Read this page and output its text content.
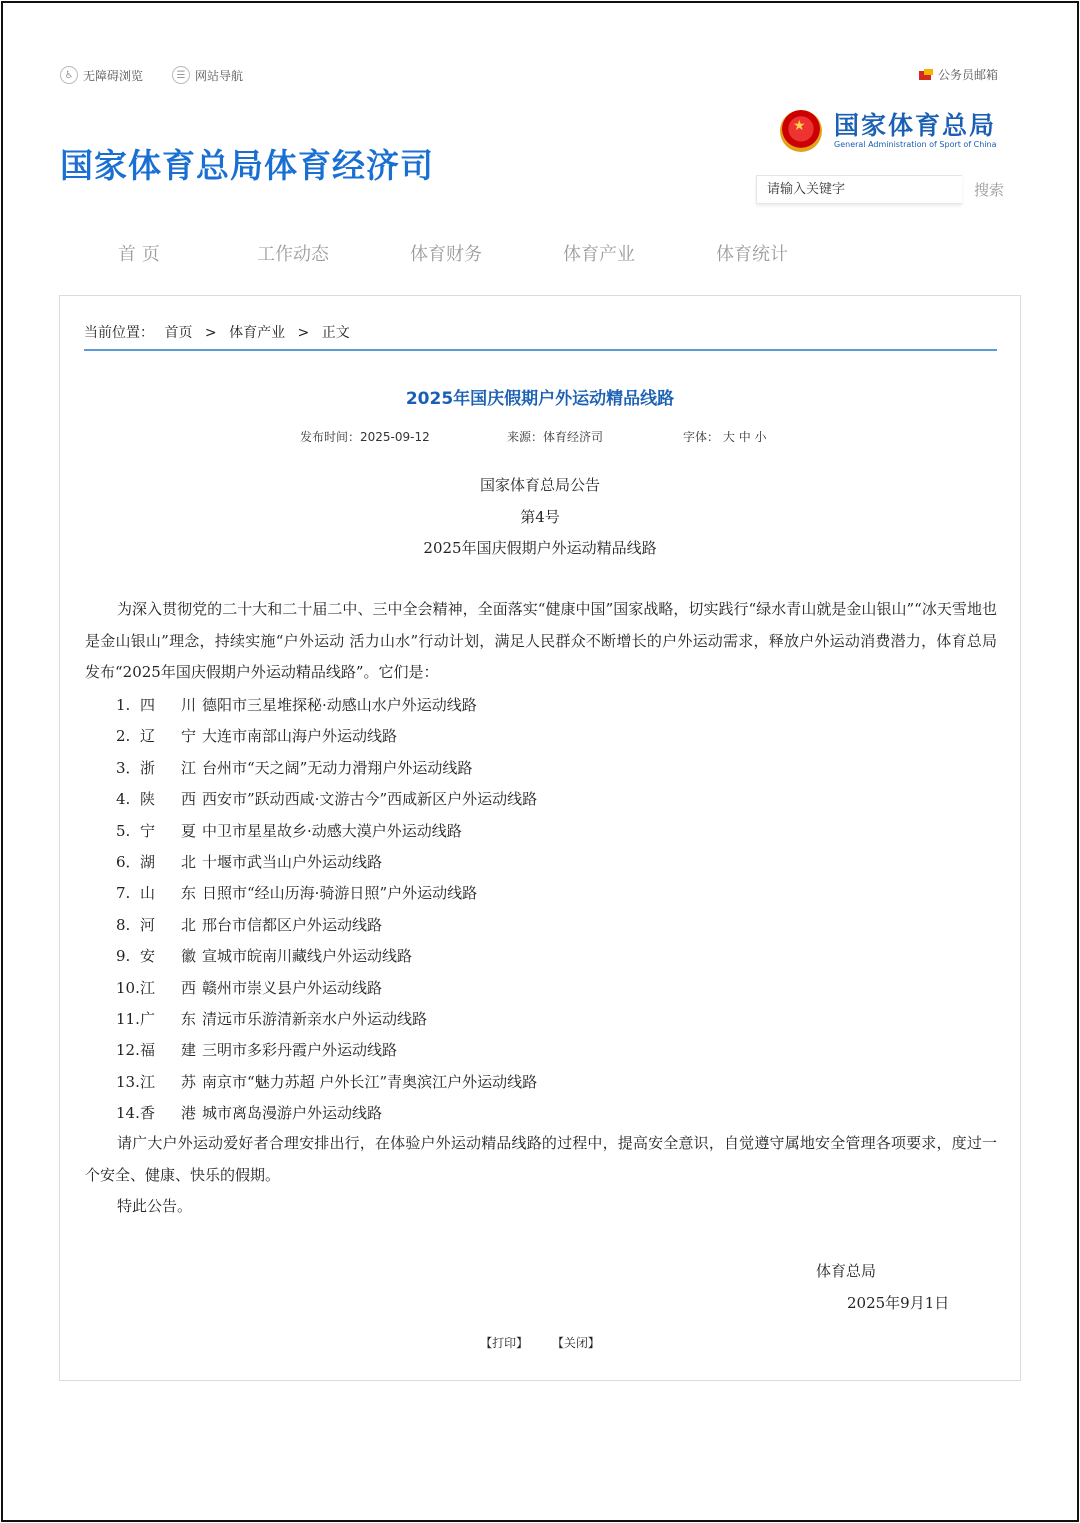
♿ 无障碍浏览	☰ 网站导航	公务员邮箱
国家体育总局体育经济司
★
国家体育总局
General Administration of Sport of China
请输入关键字
搜索
首 页	工作动态	体育财务	体育产业	体育统计
当前位置： 首页 > 体育产业 > 正文
2025年国庆假期户外运动精品线路
发布时间：2025-09-12	来源：体育经济司	字体： 大 中 小
国家体育总局公告
第4号
2025年国庆假期户外运动精品线路

为深入贯彻党的二十大和二十届二中、三中全会精神，全面落实“健康中国”国家战略，切实践行“绿水青山就是金山银山”“冰天雪地也是金山银山”理念，持续实施“户外运动 活力山水”行动计划，满足人民群众不断增长的户外运动需求，释放户外运动消费潜力，体育总局发布“2025年国庆假期户外运动精品线路”。它们是：

1. 四川德阳市三星堆探秘·动感山水户外运动线路
2. 辽宁大连市南部山海户外运动线路
3．浙江台州市“天之阔”无动力滑翔户外运动线路
4. 陕西西安市”跃动西咸·文游古今”西咸新区户外运动线路
5. 宁夏中卫市星星故乡·动感大漠户外运动线路
6．湖北十堰市武当山户外运动线路
7. 山东日照市“经山历海·骑游日照”户外运动线路
8. 河北邢台市信都区户外运动线路
9. 安徽宣城市皖南川藏线户外运动线路
10.江西赣州市崇义县户外运动线路
11.广东清远市乐游清新亲水户外运动线路
12.福建三明市多彩丹霞户外运动线路
13.江苏南京市“魅力苏超 户外长江”青奥滨江户外运动线路
14.香港城市离岛漫游户外运动线路

请广大户外运动爱好者合理安排出行，在体验户外运动精品线路的过程中，提高安全意识，自觉遵守属地安全管理各项要求，度过一个安全、健康、快乐的假期。

特此公告。

体育总局
2025年9月1日
【打印】 【关闭】
